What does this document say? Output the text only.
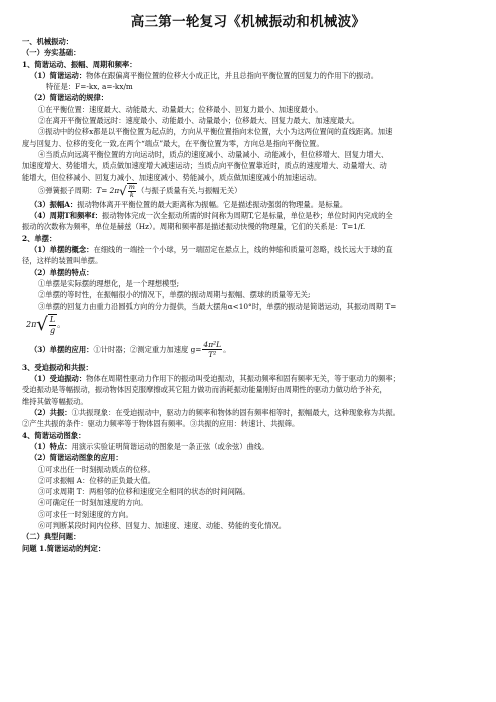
高三第一轮复习《机械振动和机械波》

一、机械振动：

（一）夯实基础：

1、简谐运动、振幅、周期和频率：

（1）简谐运动：物体在跟偏离平衡位置的位移大小成正比，并且总指向平衡位置的回复力的作用下的振动。

特征是：F=-kx, a=-kx/m

（2）简谐运动的规律：

①在平衡位置：速度最大、动能最大、动量最大；位移最小、回复力最小、加速度最小。

②在离开平衡位置最远时：速度最小、动能最小、动量最小；位移最大、回复力最大、加速度最大。

③振动中的位移x都是以平衡位置为起点的，方向从平衡位置指向末位置，大小为这两位置间的直线距离。加速

度与回复力、位移的变化一致,在两个“端点”最大，在平衡位置为零，方向总是指向平衡位置。

④当质点向远离平衡位置的方向运动时，质点的速度减小、动量减小、动能减小，但位移增大、回复力增大、

加速度增大、势能增大，质点做加速度增大减速运动；当质点向平衡位置靠近时，质点的速度增大、动量增大、动

能增大，但位移减小、回复力减小、加速度减小、势能减小，质点做加速度减小的加速运动。

⑤弹簧振子周期：T= 2π √ $\frac{m}{k}$ （与振子质量有关,与振幅无关）

（3）振幅A：振动物体离开平衡位置的最大距离称为振幅。它是描述振动强弱的物理量。是标量。

（4）周期T和频率f：振动物体完成一次全振动所需的时间称为周期T,它是标量，单位是秒；单位时间内完成的全

振动的次数称为频率，单位是赫兹（Hz）。周期和频率都是描述振动快慢的物理量，它们的关系是：T=1/f.

2、单摆：

（1）单摆的概念：在细线的一端拴一个小球，另一端固定在悬点上，线的伸缩和质量可忽略，线长远大于球的直

径，这样的装置叫单摆。

（2）单摆的特点：

①单摆是实际摆的理想化，是一个理想模型;

②单摆的等时性，在振幅很小的情况下，单摆的振动周期与振幅、摆球的质量等无关;

③单摆的回复力由重力沿圆弧方向的分力提供，当最大摆角α<10°时，单摆的振动是简谐运动，其振动周期 T=

2π √ $\frac{L}{g}$ 。

（3）单摆的应用： ①计时器；②测定重力加速度 $g= \frac{\text{4π²L}}{\text{T²}}$ 。

3、受迫振动和共振：

（1）受迫振动：物体在周期性驱动力作用下的振动叫受迫振动，其振动频率和固有频率无关，等于驱动力的频率；

受迫振动是等幅振动，振动物体因克服摩擦或其它阻力做功而消耗振动能量刚好由周期性的驱动力做功给予补充，

维持其做等幅振动。

（2）共振：①共振现象：在受迫振动中，驱动力的频率和物体的固有频率相等时，振幅最大，这种现象称为共振。

②产生共振的条件：驱动力频率等于物体固有频率。③共振的应用：转速计、共振筛。

4、简谐运动图象：

（1）特点：用演示实验证明简谐运动的图象是一条正弦（或余弦）曲线。

（2）简谐运动图象的应用：

①可求出任一时刻振动质点的位移。

②可求振幅 A：位移的正负最大值。

③可求周期 T：两相邻的位移和速度完全相同的状态的时间间隔。

④可确定任一时刻加速度的方向。

⑤可求任一时刻速度的方向。

⑥可判断某段时间内位移、回复力、加速度、速度、动能、势能的变化情况。

（二）典型问题：

问题 1.简谐运动的判定：
